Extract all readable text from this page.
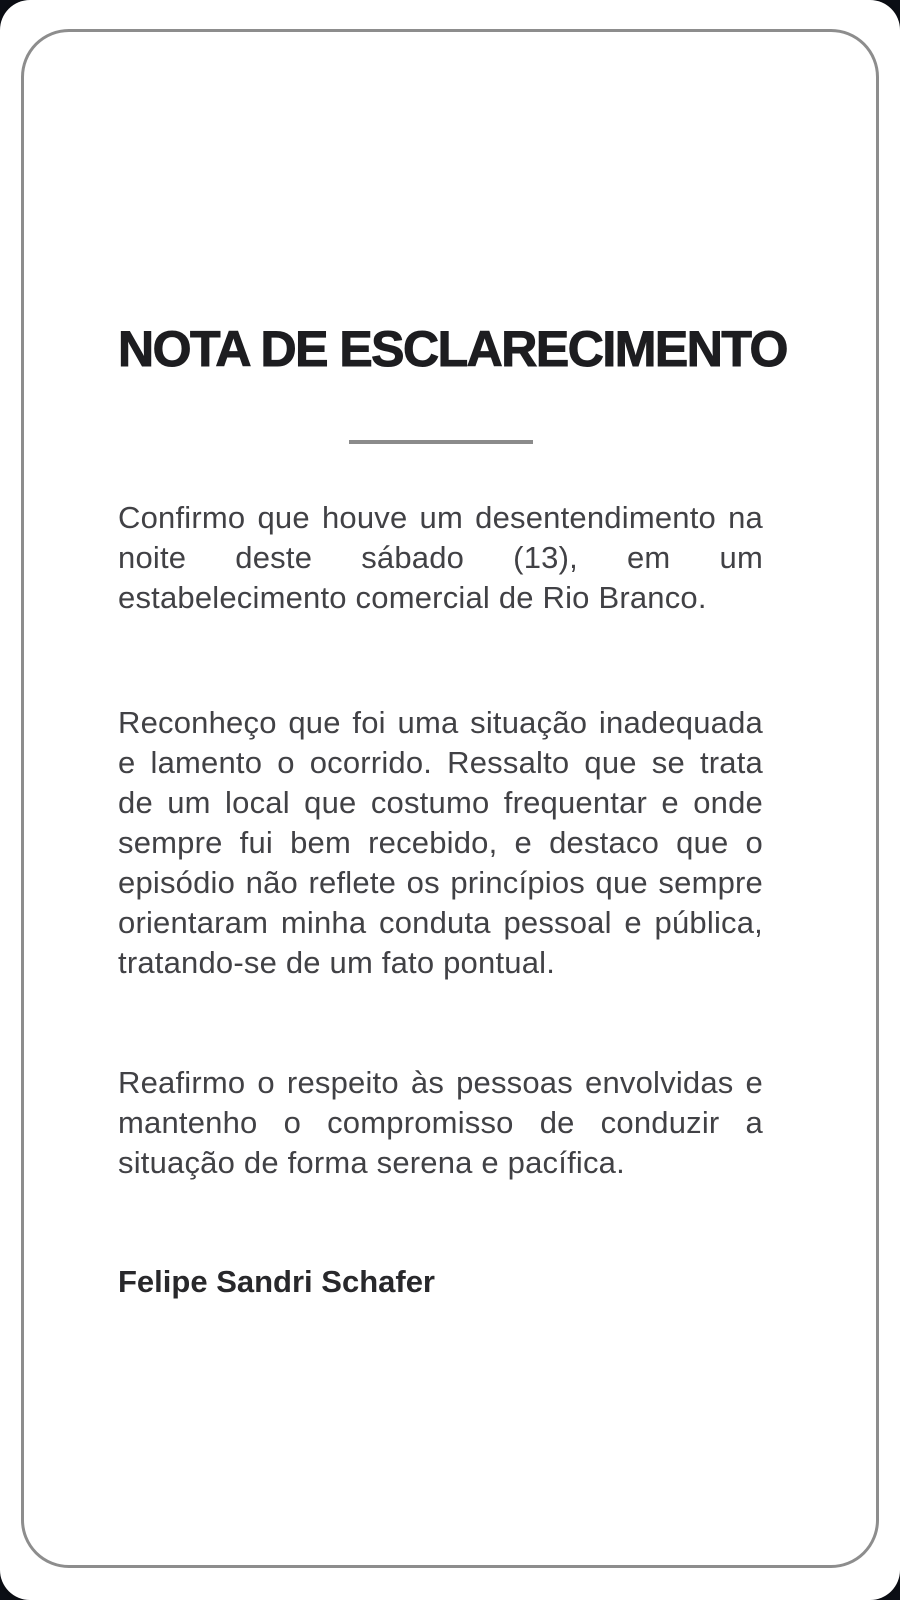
NOTA DE ESCLARECIMENTO

Confirmo que houve um desentendimento na noite deste sábado (13), em um estabelecimento comercial de Rio Branco.

Reconheço que foi uma situação inadequada e lamento o ocorrido. Ressalto que se trata de um local que costumo frequentar e onde sempre fui bem recebido, e destaco que o episódio não reflete os princípios que sempre orientaram minha conduta pessoal e pública, tratando-se de um fato pontual.

Reafirmo o respeito às pessoas envolvidas e mantenho o compromisso de conduzir a situação de forma serena e pacífica.

Felipe Sandri Schafer
